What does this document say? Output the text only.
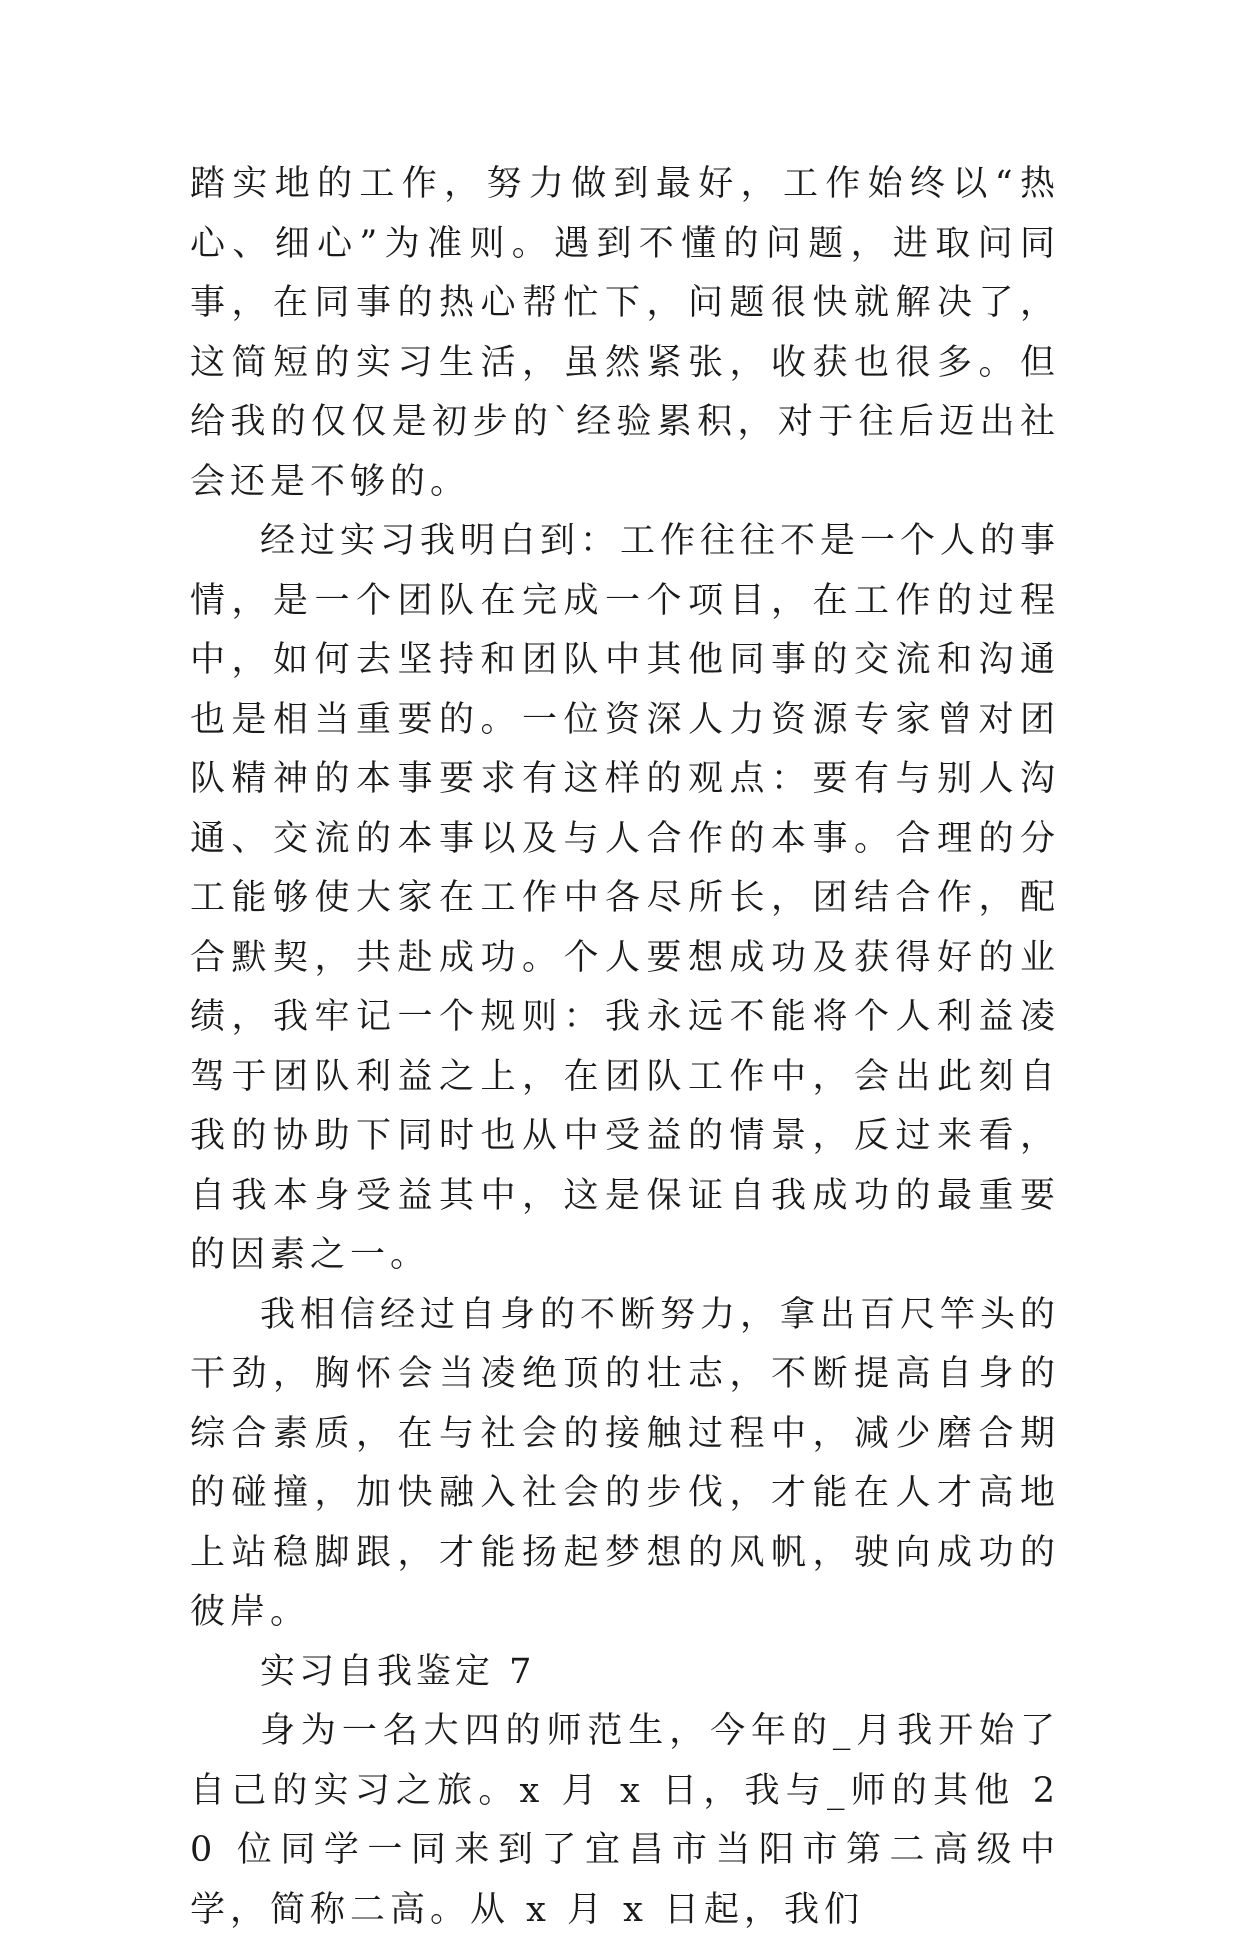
踏实地的工作，努力做到最好，工作始终以“热心、细心”为准则。遇到不懂的问题，进取问同事，在同事的热心帮忙下，问题很快就解决了，这简短的实习生活，虽然紧张，收获也很多。但给我的仅仅是初步的`经验累积，对于往后迈出社会还是不够的。

经过实习我明白到：工作往往不是一个人的事情，是一个团队在完成一个项目，在工作的过程中，如何去坚持和团队中其他同事的交流和沟通也是相当重要的。一位资深人力资源专家曾对团队精神的本事要求有这样的观点：要有与别人沟通、交流的本事以及与人合作的本事。合理的分工能够使大家在工作中各尽所长，团结合作，配合默契，共赴成功。个人要想成功及获得好的业绩，我牢记一个规则：我永远不能将个人利益凌驾于团队利益之上，在团队工作中，会出此刻自我的协助下同时也从中受益的情景，反过来看，自我本身受益其中，这是保证自我成功的最重要的因素之一。

我相信经过自身的不断努力，拿出百尺竿头的干劲，胸怀会当凌绝顶的壮志，不断提高自身的综合素质，在与社会的接触过程中，减少磨合期的碰撞，加快融入社会的步伐，才能在人才高地上站稳脚跟，才能扬起梦想的风帆，驶向成功的彼岸。

实习自我鉴定 7

身为一名大四的师范生，今年的_月我开始了自己的实习之旅。x 月 x 日，我与_师的其他 20 位同学一同来到了宜昌市当阳市第二高级中学，简称二高。从 x 月 x 日起，我们
